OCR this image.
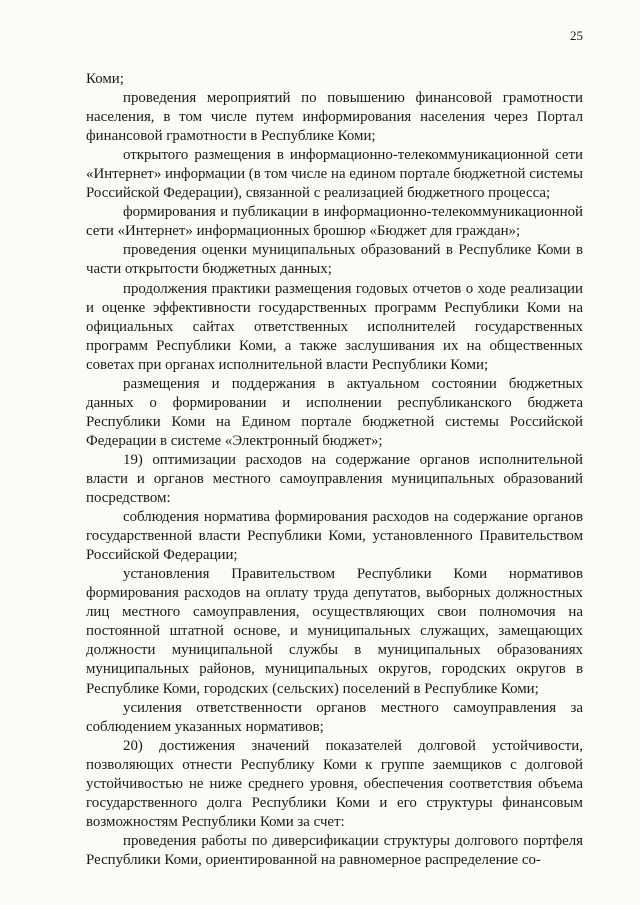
25

Коми;

проведения мероприятий по повышению финансовой грамотности населения, в том числе путем информирования населения через Портал финансовой грамотности в Республике Коми;

открытого размещения в информационно-телекоммуникационной сети «Интернет» информации (в том числе на едином портале бюджетной системы Российской Федерации), связанной с реализацией бюджетного процесса;

формирования и публикации в информационно-телекоммуникационной сети «Интернет» информационных брошюр «Бюджет для граждан»;

проведения оценки муниципальных образований в Республике Коми в части открытости бюджетных данных;

продолжения практики размещения годовых отчетов о ходе реализации и оценке эффективности государственных программ Республики Коми на официальных сайтах ответственных исполнителей государственных программ Республики Коми, а также заслушивания их на общественных советах при органах исполнительной власти Республики Коми;

размещения и поддержания в актуальном состоянии бюджетных данных о формировании и исполнении республиканского бюджета Республики Коми на Едином портале бюджетной системы Российской Федерации в системе «Электронный бюджет»;

19) оптимизации расходов на содержание органов исполнительной власти и органов местного самоуправления муниципальных образований посредством:

соблюдения норматива формирования расходов на содержание органов государственной власти Республики Коми, установленного Правительством Российской Федерации;

установления Правительством Республики Коми нормативов формирования расходов на оплату труда депутатов, выборных должностных лиц местного самоуправления, осуществляющих свои полномочия на постоянной штатной основе, и муниципальных служащих, замещающих должности муниципальной службы в муниципальных образованиях муниципальных районов, муниципальных округов, городских округов в Республике Коми, городских (сельских) поселений в Республике Коми;

усиления ответственности органов местного самоуправления за соблюдением указанных нормативов;

20) достижения значений показателей долговой устойчивости, позволяющих отнести Республику Коми к группе заемщиков с долговой устойчивостью не ниже среднего уровня, обеспечения соответствия объема государственного долга Республики Коми и его структуры финансовым возможностям Республики Коми за счет:

проведения работы по диверсификации структуры долгового портфеля Республики Коми, ориентированной на равномерное распределение со-
